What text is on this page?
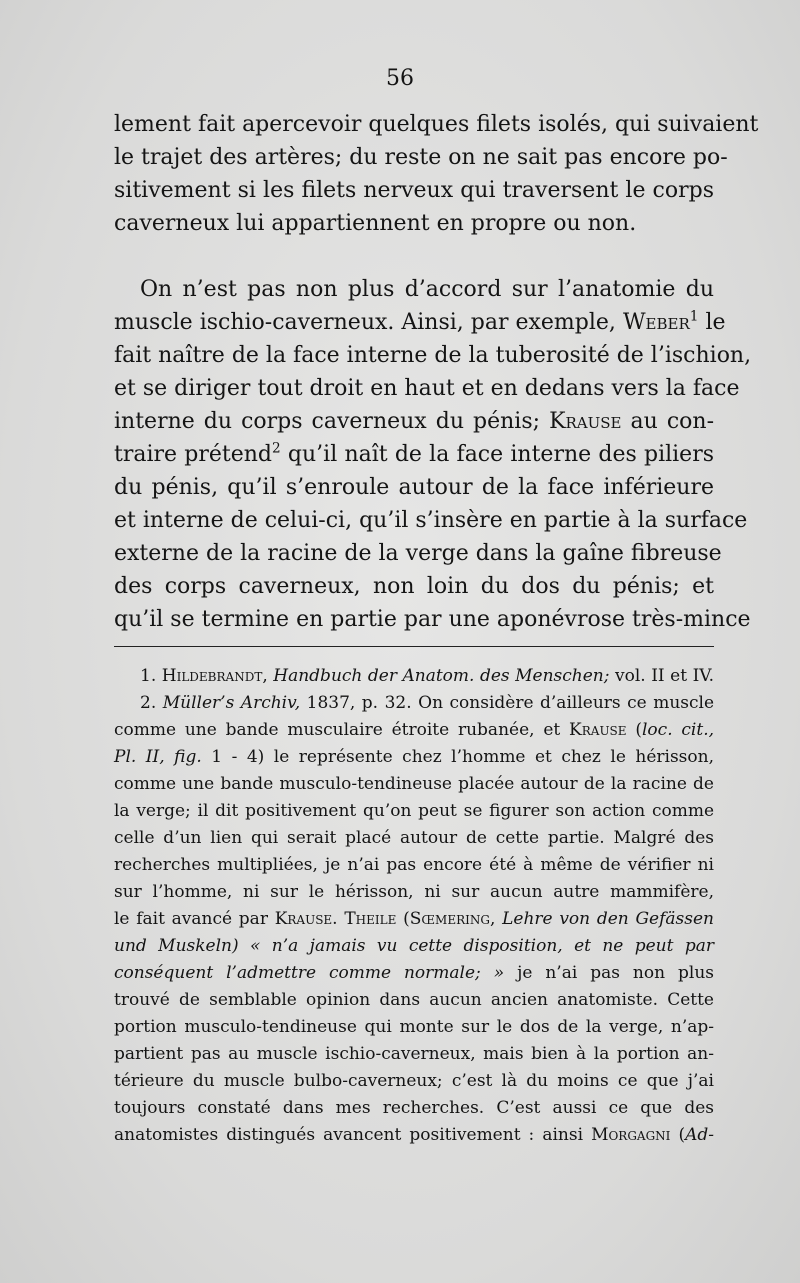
56
lement fait apercevoir quelques filets isolés, qui suivaient
le trajet des artères; du reste on ne sait pas encore po-
sitivement si les filets nerveux qui traversent le corps
caverneux lui appartiennent en propre ou non.
On n’est pas non plus d’accord sur l’anatomie du
muscle ischio-caverneux. Ainsi, par exemple, Weber$^1$ le
fait naître de la face interne de la tuberosité de l’ischion,
et se diriger tout droit en haut et en dedans vers la face
interne du corps caverneux du pénis; Krause au con-
traire prétend$^2$ qu’il naît de la face interne des piliers
du pénis, qu’il s’enroule autour de la face inférieure
et interne de celui-ci, qu’il s’insère en partie à la surface
externe de la racine de la verge dans la gaîne fibreuse
des corps caverneux, non loin du dos du pénis; et
qu’il se termine en partie par une aponévrose très-mince
1. Hildebrandt, Handbuch der Anatom. des Menschen; vol. II et IV.
2. Müller’s Archiv, 1837, p. 32. On considère d’ailleurs ce muscle
comme une bande musculaire étroite rubanée, et Krause (loc. cit.,
Pl. II, fig. 1 - 4) le représente chez l’homme et chez le hérisson,
comme une bande musculo-tendineuse placée autour de la racine de
la verge; il dit positivement qu’on peut se figurer son action comme
celle d’un lien qui serait placé autour de cette partie. Malgré des
recherches multipliées, je n’ai pas encore été à même de vérifier ni
sur l’homme, ni sur le hérisson, ni sur aucun autre mammifère,
le fait avancé par Krause. Theile (Sœmering, Lehre von den Gefässen
und Muskeln) « n’a jamais vu cette disposition, et ne peut par
conséquent l’admettre comme normale; » je n’ai pas non plus
trouvé de semblable opinion dans aucun ancien anatomiste. Cette
portion musculo-tendineuse qui monte sur le dos de la verge, n’ap-
partient pas au muscle ischio-caverneux, mais bien à la portion an-
térieure du muscle bulbo-caverneux; c’est là du moins ce que j’ai
toujours constaté dans mes recherches. C’est aussi ce que des
anatomistes distingués avancent positivement : ainsi Morgagni (Ad-
